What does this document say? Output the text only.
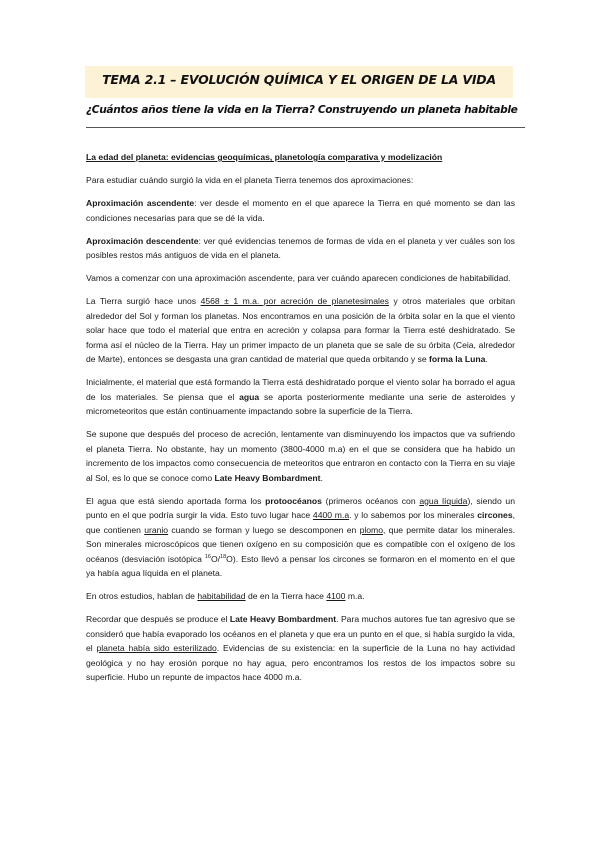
TEMA 2.1 – EVOLUCIÓN QUÍMICA Y EL ORIGEN DE LA VIDA
¿Cuántos años tiene la vida en la Tierra? Construyendo un planeta habitable

La edad del planeta: evidencias geoquímicas, planetología comparativa y modelización

Para estudiar cuándo surgió la vida en el planeta Tierra tenemos dos aproximaciones:

Aproximación ascendente: ver desde el momento en el que aparece la Tierra en qué momento se dan las condiciones necesarias para que se dé la vida.

Aproximación descendente: ver qué evidencias tenemos de formas de vida en el planeta y ver cuáles son los posibles restos más antiguos de vida en el planeta.

Vamos a comenzar con una aproximación ascendente, para ver cuándo aparecen condiciones de habitabilidad.

La Tierra surgió hace unos 4568 ± 1 m.a. por acreción de planetesimales y otros materiales que orbitan alrededor del Sol y forman los planetas. Nos encontramos en una posición de la órbita solar en la que el viento solar hace que todo el material que entra en acreción y colapsa para formar la Tierra esté deshidratado. Se forma así el núcleo de la Tierra. Hay un primer impacto de un planeta que se sale de su órbita (Ceia, alrededor de Marte), entonces se desgasta una gran cantidad de material que queda orbitando y se forma la Luna.

Inicialmente, el material que está formando la Tierra está deshidratado porque el viento solar ha borrado el agua de los materiales. Se piensa que el agua se aporta posteriormente mediante una serie de asteroides y micrometeoritos que están continuamente impactando sobre la superficie de la Tierra.

Se supone que después del proceso de acreción, lentamente van disminuyendo los impactos que va sufriendo el planeta Tierra. No obstante, hay un momento (3800-4000 m.a) en el que se considera que ha habido un incremento de los impactos como consecuencia de meteoritos que entraron en contacto con la Tierra en su viaje al Sol, es lo que se conoce como Late Heavy Bombardment.

El agua que está siendo aportada forma los protoocéanos (primeros océanos con agua líquida), siendo un punto en el que podría surgir la vida. Esto tuvo lugar hace 4400 m.a. y lo sabemos por los minerales circones, que contienen uranio cuando se forman y luego se descomponen en plomo, que permite datar los minerales. Son minerales microscópicos que tienen oxígeno en su composición que es compatible con el oxígeno de los océanos (desviación isotópica $^{16}$O/$^{18}$O). Esto llevó a pensar los circones se formaron en el momento en el que ya había agua líquida en el planeta.

En otros estudios, hablan de habitabilidad de en la Tierra hace 4100 m.a.

Recordar que después se produce el Late Heavy Bombardment. Para muchos autores fue tan agresivo que se consideró que había evaporado los océanos en el planeta y que era un punto en el que, si había surgido la vida, el planeta había sido esterilizado. Evidencias de su existencia: en la superficie de la Luna no hay actividad geológica y no hay erosión porque no hay agua, pero encontramos los restos de los impactos sobre su superficie. Hubo un repunte de impactos hace 4000 m.a.
